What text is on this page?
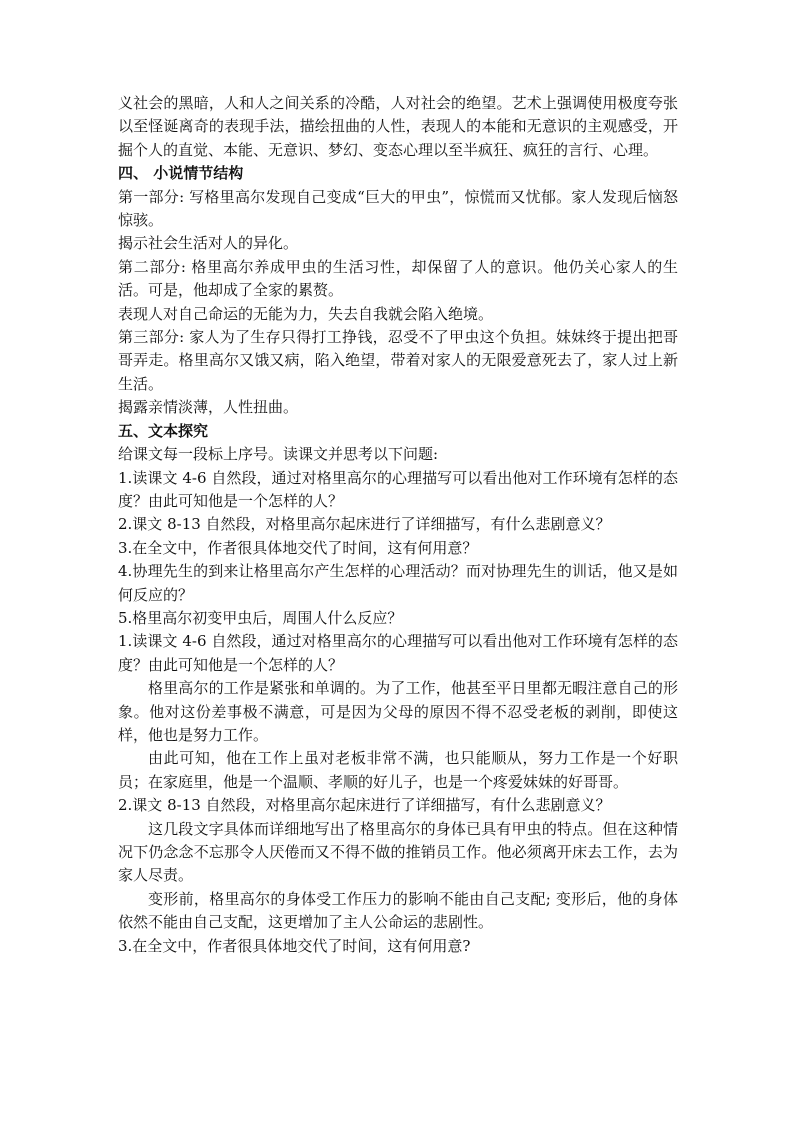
义社会的黑暗，人和人之间关系的冷酷，人对社会的绝望。艺术上强调使用极度夸张以至怪诞离奇的表现手法，描绘扭曲的人性，表现人的本能和无意识的主观感受，开掘个人的直觉、本能、无意识、梦幻、变态心理以至半疯狂、疯狂的言行、心理。

四、 小说情节结构

第一部分: 写格里高尔发现自己变成“巨大的甲虫”，惊慌而又忧郁。家人发现后恼怒惊骇。

揭示社会生活对人的异化。

第二部分: 格里高尔养成甲虫的生活习性，却保留了人的意识。他仍关心家人的生活。可是，他却成了全家的累赘。

表现人对自己命运的无能为力，失去自我就会陷入绝境。

第三部分: 家人为了生存只得打工挣钱，忍受不了甲虫这个负担。妹妹终于提出把哥哥弄走。格里高尔又饿又病，陷入绝望，带着对家人的无限爱意死去了，家人过上新生活。

揭露亲情淡薄，人性扭曲。

五、文本探究

给课文每一段标上序号。读课文并思考以下问题:

1.读课文 4-6 自然段，通过对格里高尔的心理描写可以看出他对工作环境有怎样的态度？由此可知他是一个怎样的人？

2.课文 8-13 自然段，对格里高尔起床进行了详细描写，有什么悲剧意义？

3.在全文中，作者很具体地交代了时间，这有何用意？

4.协理先生的到来让格里高尔产生怎样的心理活动？而对协理先生的训话，他又是如何反应的？

5.格里高尔初变甲虫后，周围人什么反应？

1.读课文 4-6 自然段，通过对格里高尔的心理描写可以看出他对工作环境有怎样的态度？由此可知他是一个怎样的人？

格里高尔的工作是紧张和单调的。为了工作，他甚至平日里都无暇注意自己的形象。他对这份差事极不满意，可是因为父母的原因不得不忍受老板的剥削，即使这样，他也是努力工作。

由此可知，他在工作上虽对老板非常不满，也只能顺从，努力工作是一个好职员；在家庭里，他是一个温顺、孝顺的好儿子，也是一个疼爱妹妹的好哥哥。

2.课文 8-13 自然段，对格里高尔起床进行了详细描写，有什么悲剧意义？

这几段文字具体而详细地写出了格里高尔的身体已具有甲虫的特点。但在这种情况下仍念念不忘那令人厌倦而又不得不做的推销员工作。他必须离开床去工作，去为家人尽责。

变形前，格里高尔的身体受工作压力的影响不能由自己支配; 变形后，他的身体依然不能由自己支配，这更增加了主人公命运的悲剧性。

3.在全文中，作者很具体地交代了时间，这有何用意?
